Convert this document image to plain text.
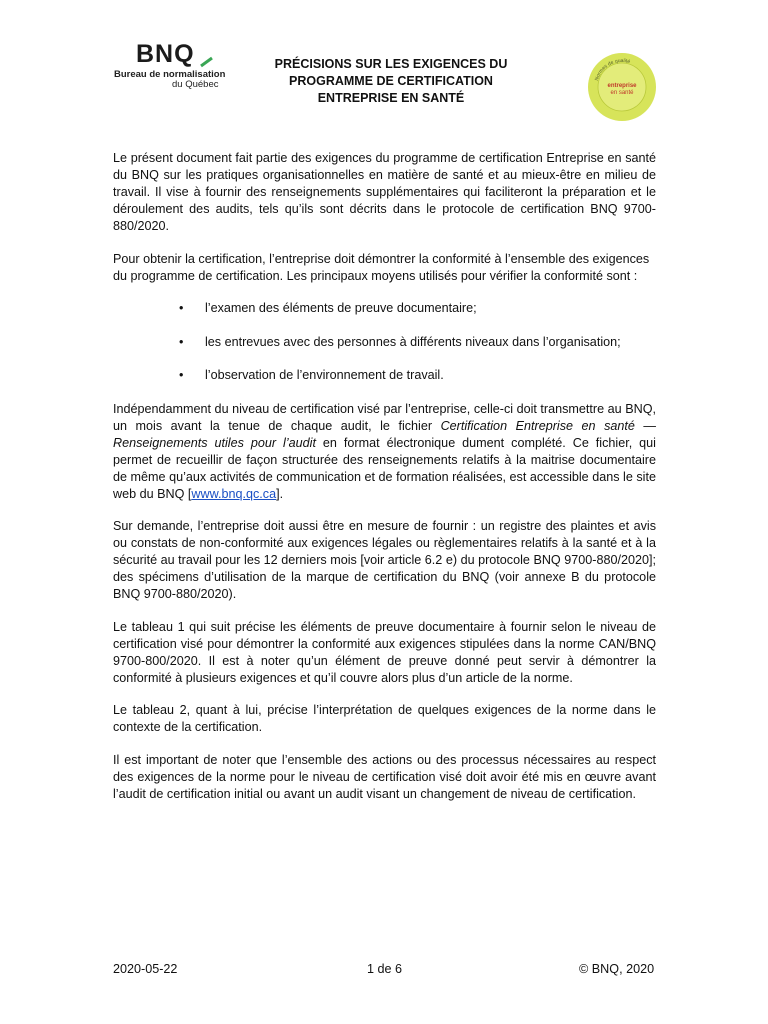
BNQ
Bureau de normalisation
du Québec
PRÉCISIONS SUR LES EXIGENCES DU
PROGRAMME DE CERTIFICATION
ENTREPRISE EN SANTÉ
Normes de qualité
entreprise
en santé

Le présent document fait partie des exigences du programme de certification Entreprise en santé du BNQ sur les pratiques organisationnelles en matière de santé et au mieux-être en milieu de travail. Il vise à fournir des renseignements supplémentaires qui faciliteront la préparation et le déroulement des audits, tels qu’ils sont décrits dans le protocole de certification BNQ 9700-880/2020.

Pour obtenir la certification, l’entreprise doit démontrer la conformité à l’ensemble des exigences du programme de certification. Les principaux moyens utilisés pour vérifier la conformité sont :

• l’examen des éléments de preuve documentaire;
• les entrevues avec des personnes à différents niveaux dans l’organisation;
• l’observation de l’environnement de travail.

Indépendamment du niveau de certification visé par l’entreprise, celle-ci doit transmettre au BNQ, un mois avant la tenue de chaque audit, le fichier Certification Entreprise en santé — Renseignements utiles pour l’audit en format électronique dument complété. Ce fichier, qui permet de recueillir de façon structurée des renseignements relatifs à la maitrise documentaire de même qu’aux activités de communication et de formation réalisées, est accessible dans le site web du BNQ [www.bnq.qc.ca].

Sur demande, l’entreprise doit aussi être en mesure de fournir : un registre des plaintes et avis ou constats de non-conformité aux exigences légales ou règlementaires relatifs à la santé et à la sécurité au travail pour les 12 derniers mois [voir article 6.2 e) du protocole BNQ 9700-880/2020]; des spécimens d’utilisation de la marque de certification du BNQ (voir annexe B du protocole BNQ 9700-880/2020).

Le tableau 1 qui suit précise les éléments de preuve documentaire à fournir selon le niveau de certification visé pour démontrer la conformité aux exigences stipulées dans la norme CAN/BNQ 9700-800/2020. Il est à noter qu’un élément de preuve donné peut servir à démontrer la conformité à plusieurs exigences et qu’il couvre alors plus d’un article de la norme.

Le tableau 2, quant à lui, précise l’interprétation de quelques exigences de la norme dans le contexte de la certification.

Il est important de noter que l’ensemble des actions ou des processus nécessaires au respect des exigences de la norme pour le niveau de certification visé doit avoir été mis en œuvre avant l’audit de certification initial ou avant un audit visant un changement de niveau de certification.

2020-05-22	1 de 6	© BNQ, 2020
